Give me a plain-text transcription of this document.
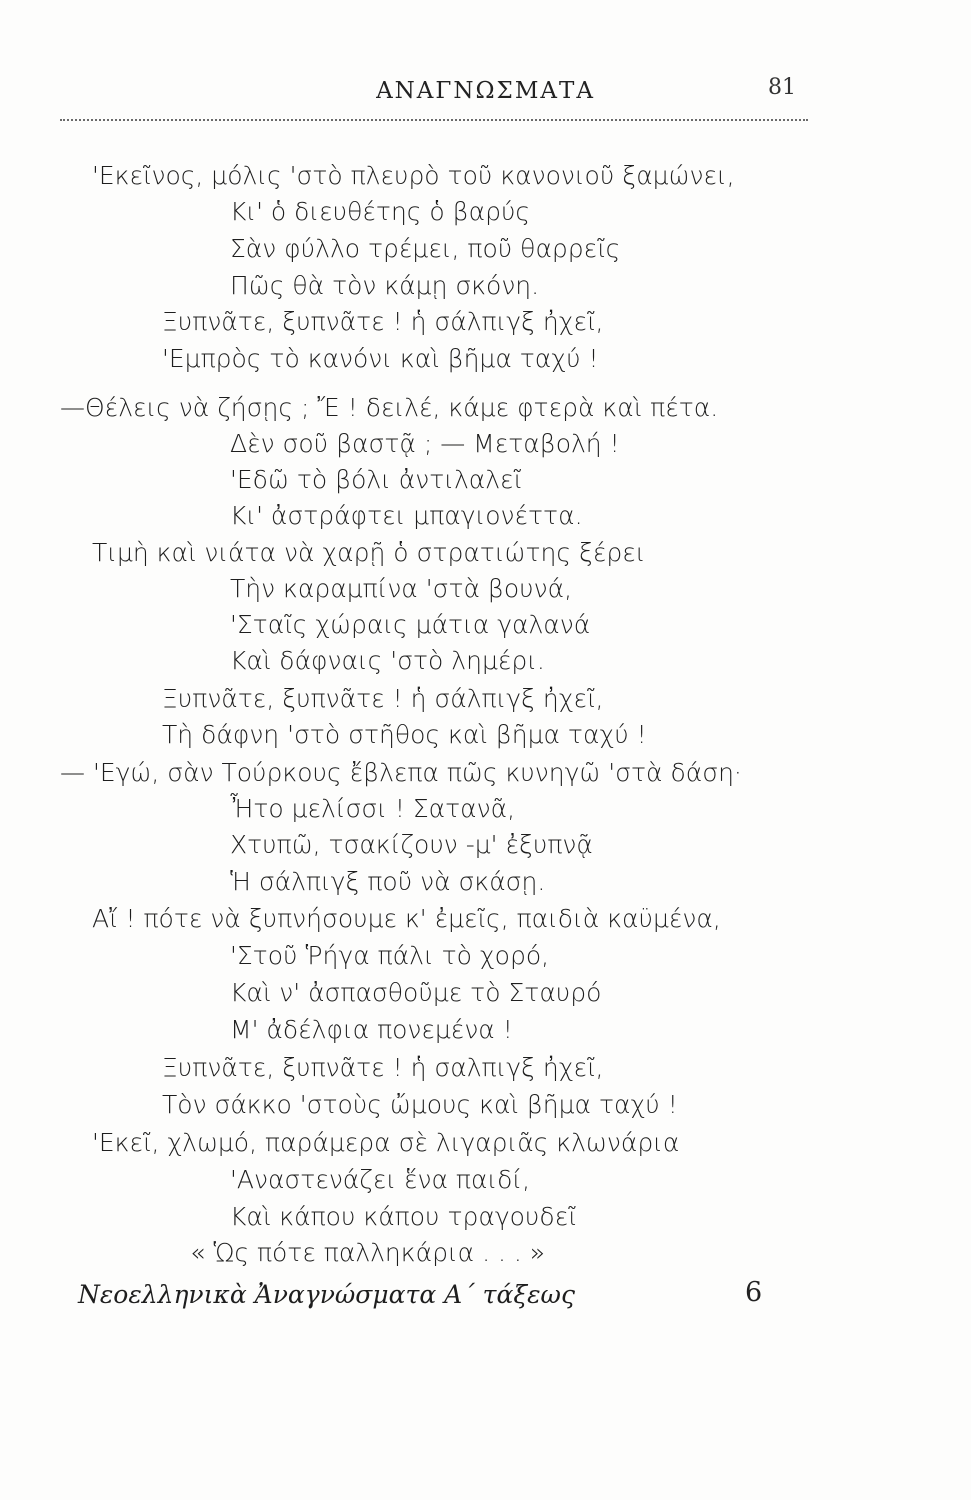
ΑΝΑΓΝΩΣΜΑΤΑ	81
'Εκεῖνος, μόλις 'στὸ πλευρὸ τοῦ κανονιοῦ ξαμώνει,
Κι' ὁ διευθέτης ὁ βαρύς
Σὰν φύλλο τρέμει, ποῦ θαρρεῖς
Πῶς θὰ τὸν κάμῃ σκόνη.
Ξυπνᾶτε, ξυπνᾶτε ! ἡ σάλπιγξ ἠχεῖ,
'Εμπρὸς τὸ κανόνι καὶ βῆμα ταχύ !
—Θέλεις νὰ ζήσῃς ; Ἔ ! δειλέ, κάμε φτερὰ καὶ πέτα.
Δὲν σοῦ βαστᾷ ; — Μεταβολή !
'Εδῶ τὸ βόλι ἀντιλαλεῖ
Κι' ἀστράφτει μπαγιονέττα.
Τιμὴ καὶ νιάτα νὰ χαρῇ ὁ στρατιώτης ξέρει
Τὴν καραμπίνα 'στὰ βουνά,
'Σταῖς χώραις μάτια γαλανά
Καὶ δάφναις 'στὸ λημέρι.
Ξυπνᾶτε, ξυπνᾶτε ! ἡ σάλπιγξ ἠχεῖ,
Τὴ δάφνη 'στὸ στῆθος καὶ βῆμα ταχύ !
— 'Εγώ, σὰν Τούρκους ἔβλεπα πῶς κυνηγῶ 'στὰ δάση·
Ἦτο μελίσσι ! Σατανᾶ,
Χτυπῶ, τσακίζουν -μ' ἐξυπνᾷ
Ἡ σάλπιγξ ποῦ νὰ σκάσῃ.
Αἴ ! πότε νὰ ξυπνήσουμε κ' ἐμεῖς, παιδιὰ καϋμένα,
'Στοῦ Ῥήγα πάλι τὸ χορό,
Καὶ ν' ἀσπασθοῦμε τὸ Σταυρό
Μ' ἀδέλφια πονεμένα !
Ξυπνᾶτε, ξυπνᾶτε ! ἡ σαλπιγξ ἠχεῖ,
Τὸν σάκκο 'στοὺς ὤμους καὶ βῆμα ταχύ !
'Εκεῖ, χλωμό, παράμερα σὲ λιγαριᾶς κλωνάρια
'Αναστενάζει ἕνα παιδί,
Καὶ κάπου κάπου τραγουδεῖ
« Ὡς πότε παλληκάρια . . . »
Νεοελληνικὰ Ἀναγνώσματα Α΄ τάξεως	6
